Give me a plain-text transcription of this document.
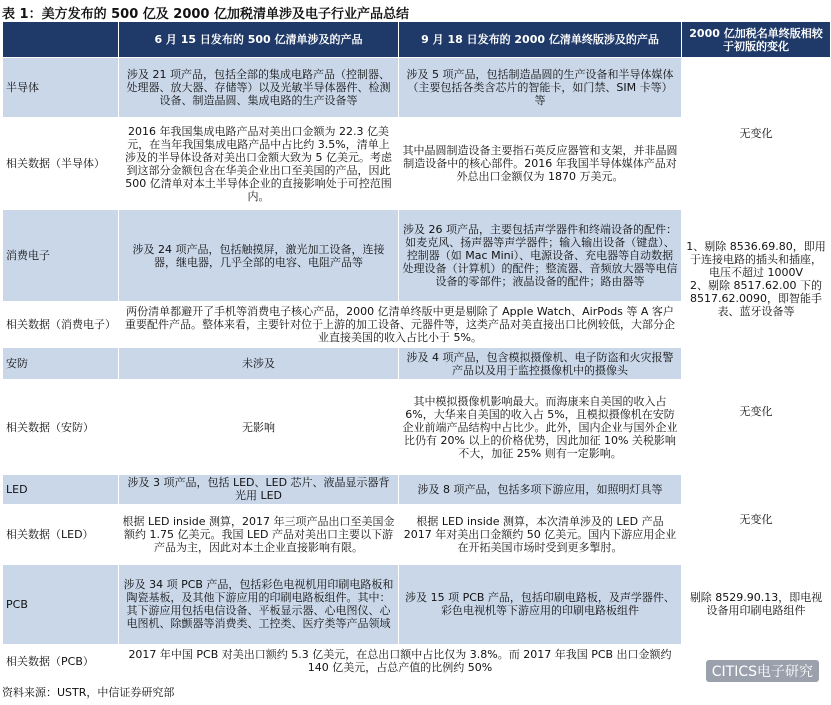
表 1：美方发布的 500 亿及 2000 亿加税清单涉及电子行业产品总结
	6 月 15 日发布的 500 亿清单涉及的产品	9 月 18 日发布的 2000 亿清单终版涉及的产品	2000 亿加税名单终版相较于初版的变化
半导体	涉及 21 项产品，包括全部的集成电路产品（控制器、处理器、放大器、存储等）以及光敏半导体器件、检测设备、制造晶圆、集成电路的生产设备等	涉及 5 项产品，包括制造晶圆的生产设备和半导体媒体（主要包括各类含芯片的智能卡，如门禁、SIM 卡等）等	无变化
相关数据（半导体）	2016 年我国集成电路产品对美出口金额为 22.3 亿美元，在当年我国集成电路产品中占比约 3.5%，清单上涉及的半导体设备对美出口金额大致为 5 亿美元。考虑到这部分金额包含在华美企业出口至美国的产品，因此 500 亿清单对本土半导体企业的直接影响处于可控范围内。	其中晶圆制造设备主要指石英反应器管和支架，并非晶圆制造设备中的核心部件。2016 年我国半导体媒体产品对外总出口金额仅为 1870 万美元。	
消费电子	涉及 24 项产品，包括触摸屏，激光加工设备，连接器，继电器，几乎全部的电容、电阻产品等	涉及 26 项产品，主要包括声学器件和终端设备的配件：如麦克风、扬声器等声学器件；输入输出设备（键盘）、控制器（如 Mac Mini）、电源设备、充电器等自动数据处理设备（计算机）的配件；整流器、音频放大器等电信设备的零部件；液晶设备的配件；路由器等	1、剔除 8536.69.80，即用于连接电路的插头和插座，电压不超过 1000V
2、剔除 8517.62.00 下的 8517.62.0090，即智能手表、蓝牙设备等
相关数据（消费电子）	两份清单都避开了手机等消费电子核心产品，2000 亿清单终版中更是剔除了 Apple Watch、AirPods 等 A 客户重要配件产品。整体来看，主要针对位于上游的加工设备、元器件等，这类产品对美直接出口比例较低，大部分企业直接美国的收入占比小于 5%。		
安防	未涉及	涉及 4 项产品，包含模拟摄像机、电子防盗和火灾报警产品以及用于监控摄像机中的摄像头	无变化
相关数据（安防）	无影响	其中模拟摄像机影响最大。而海康来自美国的收入占 6%，大华来自美国的收入占 5%，且模拟摄像机在安防企业前端产品结构中占比少。此外，国内企业与国外企业比仍有 20% 以上的价格优势，因此加征 10% 关税影响不大，加征 25% 则有一定影响。	
LED	涉及 3 项产品，包括 LED、LED 芯片、液晶显示器背光用 LED	涉及 8 项产品，包括多项下游应用，如照明灯具等	无变化
相关数据（LED）	根据 LED inside 测算，2017 年三项产品出口至美国金额约 1.75 亿美元。我国 LED 产品对美出口主要以下游产品为主，因此对本土企业直接影响有限。	根据 LED inside 测算，本次清单涉及的 LED 产品 2017 年对美出口金额约 50 亿美元。国内下游应用企业在开拓美国市场时受到更多掣肘。	
PCB	涉及 34 项 PCB 产品，包括彩色电视机用印刷电路板和陶瓷基板，及其他下游应用的印刷电路板组件。其中：其下游应用包括电信设备、平板显示器、心电图仪、心电图机、除颤器等消费类、工控类、医疗类等产品领域	涉及 15 项 PCB 产品，包括印刷电路板，及声学器件、彩色电视机等下游应用的印刷电路板组件	剔除 8529.90.13，即电视设备用印刷电路组件
相关数据（PCB）	2017 年中国 PCB 对美出口额约 5.3 亿美元，在总出口额中占比仅为 3.8%。而 2017 年我国 PCB 出口金额约 140 亿美元，占总产值的比例约 50%			CITICS电子研究
资料来源：USTR，中信证券研究部
